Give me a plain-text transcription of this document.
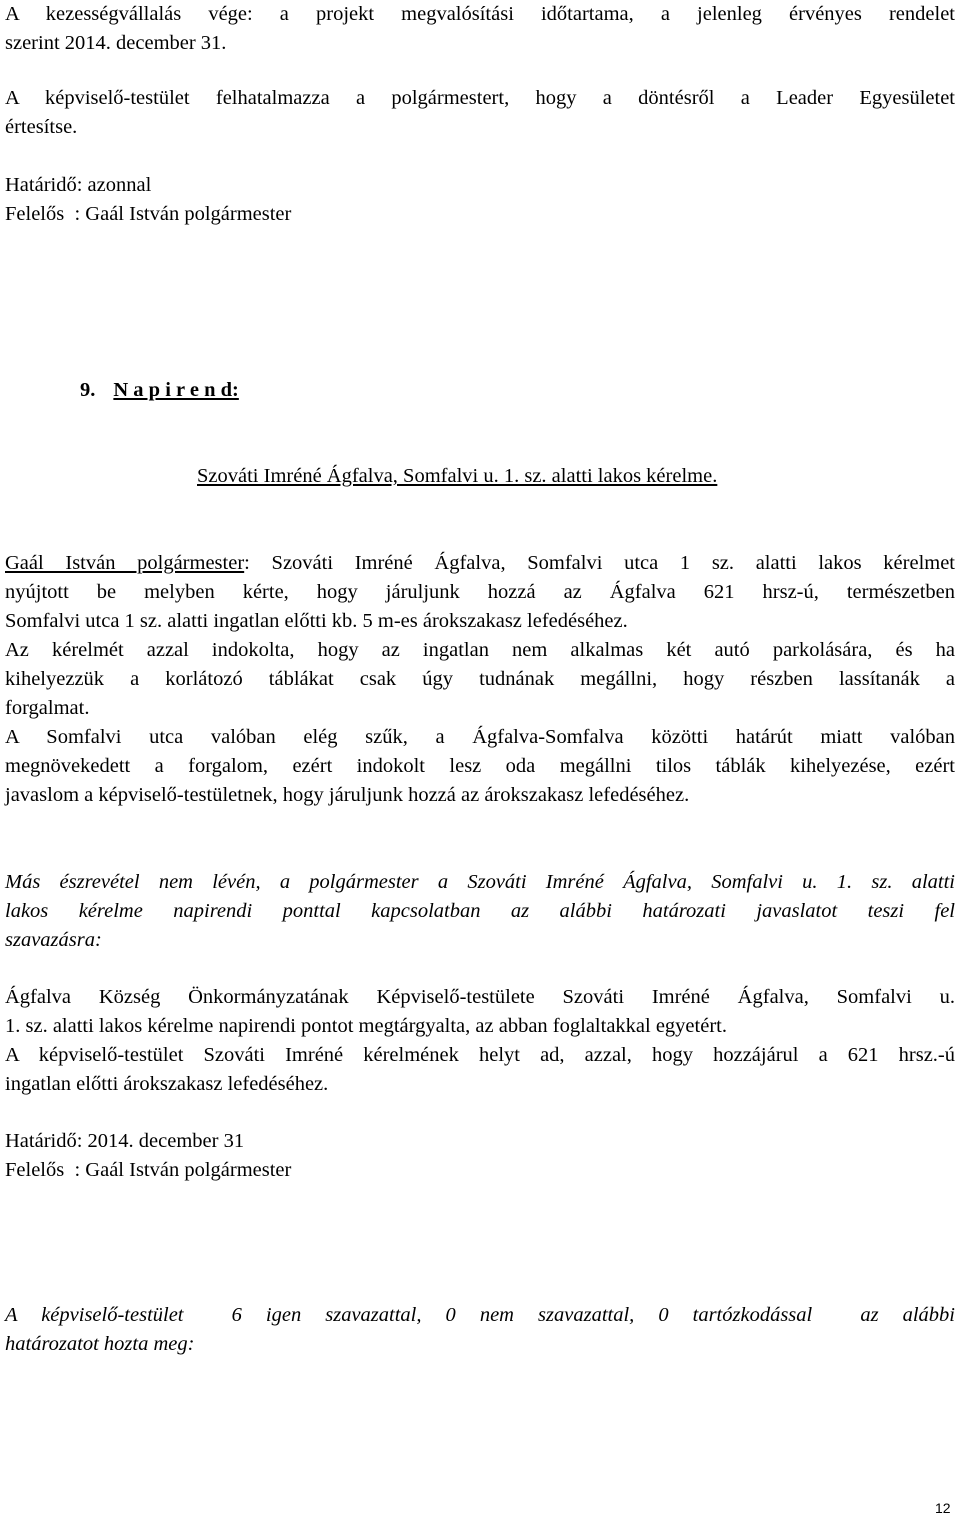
A kezességvállalás vége: a projekt megvalósítási időtartama, a jelenleg érvényes rendelet
szerint 2014. december 31.
A képviselő-testület felhatalmazza a polgármestert, hogy a döntésről a Leader Egyesületet
értesítse.
Határidő: azonnal
Felelős  : Gaál István polgármester
9. N a p i r e n d:
Szováti Imréné Ágfalva, Somfalvi u. 1. sz. alatti lakos kérelme.
Gaál István polgármester: Szováti Imréné Ágfalva, Somfalvi utca 1 sz. alatti lakos kérelmet
nyújtott be melyben kérte, hogy járuljunk hozzá az Ágfalva 621 hrsz-ú, természetben
Somfalvi utca 1 sz. alatti ingatlan előtti kb. 5 m-es árokszakasz lefedéséhez.
Az kérelmét azzal indokolta, hogy az ingatlan nem alkalmas két autó parkolására, és ha
kihelyezzük a korlátozó táblákat csak úgy tudnának megállni, hogy részben lassítanák a
forgalmat.
A Somfalvi utca valóban elég szűk, a Ágfalva-Somfalva közötti határút miatt valóban
megnövekedett a forgalom, ezért indokolt lesz oda megállni tilos táblák kihelyezése, ezért
javaslom a képviselő-testületnek, hogy járuljunk hozzá az árokszakasz lefedéséhez.
Más észrevétel nem lévén, a polgármester a Szováti Imréné Ágfalva, Somfalvi u. 1. sz. alatti
lakos kérelme napirendi ponttal kapcsolatban az alábbi határozati javaslatot teszi fel
szavazásra:
Ágfalva Község Önkormányzatának Képviselő-testülete Szováti Imréné Ágfalva, Somfalvi u.
1. sz. alatti lakos kérelme napirendi pontot megtárgyalta, az abban foglaltakkal egyetért.
A képviselő-testület Szováti Imréné kérelmének helyt ad, azzal, hogy hozzájárul a 621 hrsz.-ú
ingatlan előtti árokszakasz lefedéséhez.
Határidő: 2014. december 31
Felelős  : Gaál István polgármester
A képviselő-testület  6 igen szavazattal, 0 nem szavazattal, 0 tartózkodással  az alábbi
határozatot hozta meg:
12
